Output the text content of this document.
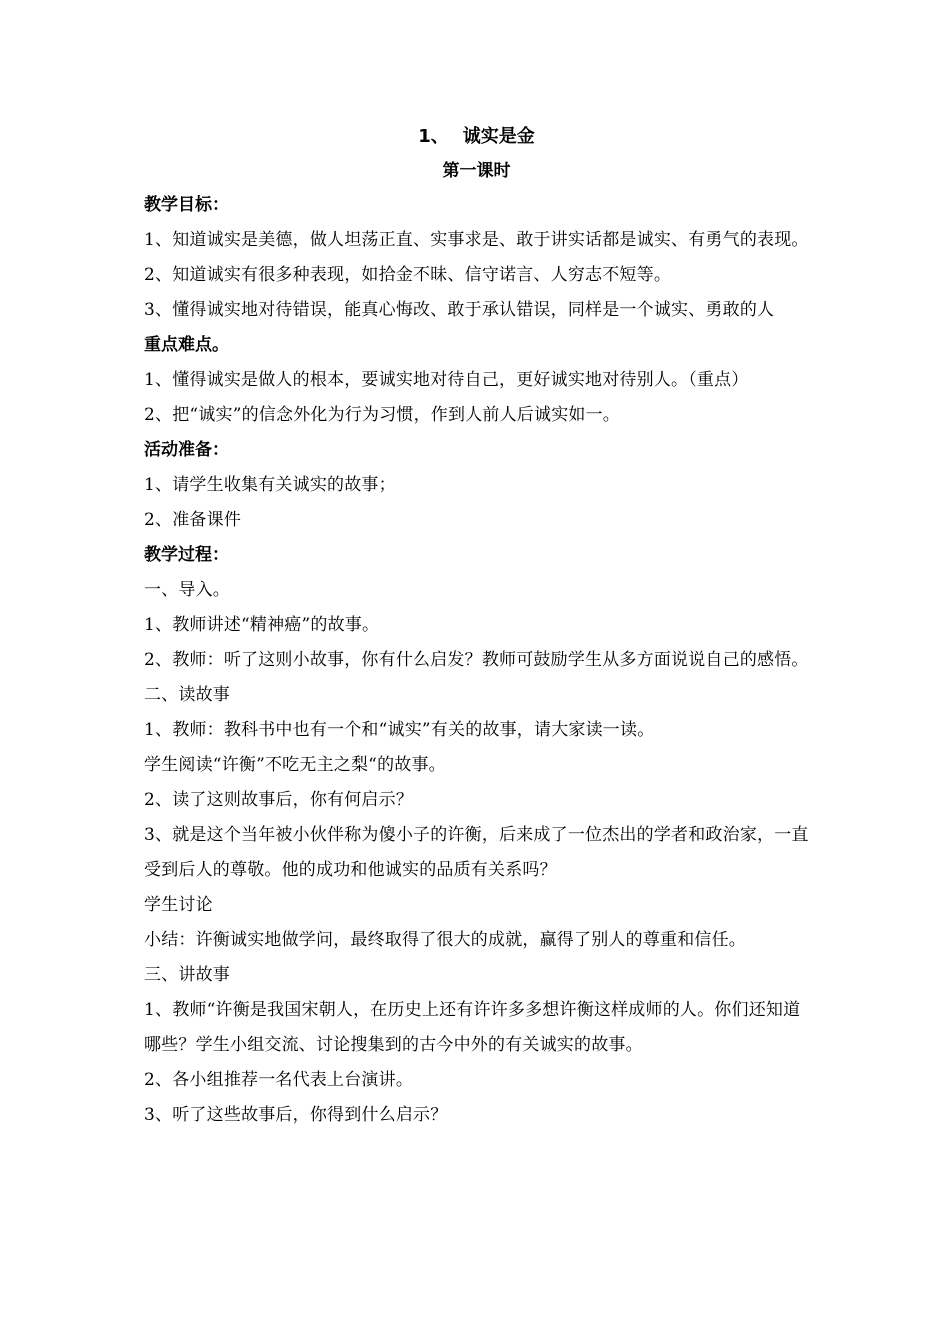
1、 诚实是金
第一课时
教学目标：
1、知道诚实是美德，做人坦荡正直、实事求是、敢于讲实话都是诚实、有勇气的表现。
2、知道诚实有很多种表现，如拾金不昧、信守诺言、人穷志不短等。
3、懂得诚实地对待错误，能真心悔改、敢于承认错误，同样是一个诚实、勇敢的人
重点难点。
1、懂得诚实是做人的根本，要诚实地对待自己，更好诚实地对待别人。（重点）
2、把“诚实”的信念外化为行为习惯，作到人前人后诚实如一。
活动准备：
1、请学生收集有关诚实的故事；
2、准备课件
教学过程：
一、导入。
1、教师讲述“精神癌”的故事。
2、教师：听了这则小故事，你有什么启发？教师可鼓励学生从多方面说说自己的感悟。
二、读故事
1、教师：教科书中也有一个和“诚实”有关的故事，请大家读一读。
学生阅读“许衡”不吃无主之梨“的故事。
2、读了这则故事后，你有何启示？
3、就是这个当年被小伙伴称为傻小子的许衡，后来成了一位杰出的学者和政治家，一直受到后人的尊敬。他的成功和他诚实的品质有关系吗？
学生讨论
小结：许衡诚实地做学问，最终取得了很大的成就，赢得了别人的尊重和信任。
三、讲故事
1、教师“许衡是我国宋朝人，在历史上还有许许多多想许衡这样成师的人。你们还知道哪些？学生小组交流、讨论搜集到的古今中外的有关诚实的故事。
2、各小组推荐一名代表上台演讲。
3、听了这些故事后，你得到什么启示？
